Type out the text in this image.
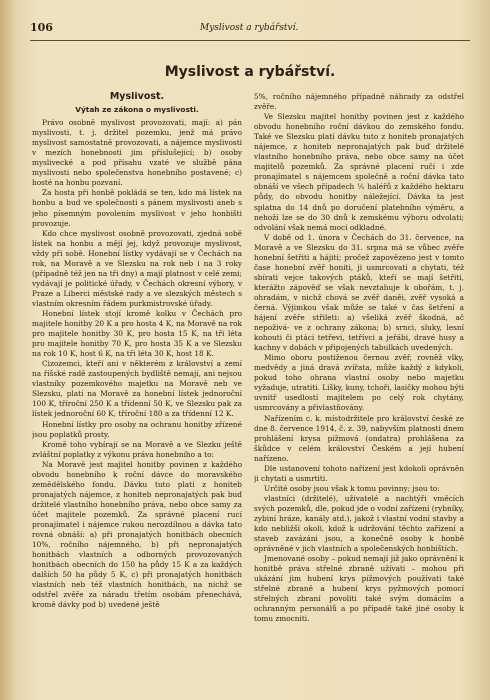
106	Myslivost a rybářství.
Myslivost a rybářství.
Myslivost.
Výtah ze zákona o myslivosti.

Právo osobně myslivost provozovati, mají: a) pán myslivosti, t. j. držitel pozemku, jenž má právo myslivost samostatně provozovati, a nájemce myslivosti v mezích honebnosti jim příslušející; b) osoby myslivecké a pod přísahu vzaté ve službě pána myslivosti nebo společenstva honebního postavené; c) hosté na honbu pozvaní.

Za hosta při honbě pokládá se ten, kdo má lístek na honbu a bud ve společnosti s pánem myslivosti aneb s jeho písemným povolením myslivost v jeho honbišti provozuje.

Kdo chce myslivost osobně provozovati, zjedná sobě lístek na honbu a mějí jej, když provozuje myslivost, vždy při sobě. Honební lístky vydávají se v Čechách na rok, na Moravě a ve Slezsku na rok neb i na 3 roky (případně též jen na tři dny) a mají platnost v celé zemi; vydávají je politické úřady, v Čechách okresní výbory, v Praze a Liberci městské rady a ve slezských městech s vlastním okresním řádem purkmistrovské úřady.

Honební lístek stojí kromě kolku v Čechách pro majitele honitby 20 K a pro hosta 4 K, na Moravě na rok pro majitele honitby 30 K, pro hosta 15 K, na tři léta pro majitele honitby 70 K, pro hosta 35 K a ve Slezsku na rok 10 K, host 6 K, na tři léta 30 K, host 18 K.

Cizozemci, kteří ani v některém z království a zemí na říšské radě zastoupených bydliště nemají, ani nejsou vlastníky pozemkového majetku na Moravě neb ve Slezsku, platí na Moravě za honební lístek jednoroční 100 K, tříroční 250 K a třídenní 50 K, ve Slezsku pak za lístek jednoroční 60 K, tříroční 180 a za třídenní 12 K.

Honební lístky pro osoby na ochranu honitby zřízené jsou poplatků prosty.

Kromě toho vybírají se na Moravě a ve Slezku ještě zvláštní poplatky z výkonu práva honebního a to:

Na Moravě jest majitel honitby povinen z každého obvodu honebního k roční dávce do moravského zemědělského fondu. Dávku tuto platí z honiteb pronajatých nájemce, z honiteb nepronajatých pak buď držitelé vlastního honebního práva, nebo obce samy za účet majitele pozemků. Za správné placení rucí pronajímatel i nájemce rukou nerozdílnou a dávka tato rovná obnáší: a) při pronajatých honitbách obecních 10%, ročního nájemného, b) při nepronajatých honitbách vlastních a odborných provozovaných honitbách obecních do 150 ha půdy 15 K a za každých dalších 50 ha půdy 5 K, c) při pronajatých honitbách vlastních neb též vlastních honitbách, na nichž se odstřel zvěře za náradu třetím osobám přenechává, kromě dávky pod b) uvedené ještě

5%, ročního nájemného případně náhrady za odstřel zvěře.

Ve Slezsku majitel honitby povinen jest z každého obvodu honebního roční dávkou do zemského fondu. Také ve Slezsku platí dávku tuto z honiteb pronajatých nájemce, z honiteb nepronajatých pak buď držitelé vlastního honebního práva, nebo obce samy na účet majitelů pozemků. Za správné placení ručí i zde pronajímatel s nájemcem společně a roční dávka tato obnáší ve všech případech ⅕ haléřů z každého hektaru půdy, do obvodu honitby náležející. Dávka ta jest splatna do 14 dnů po doručení platebního výměru, a nehoží lze se do 30 dnů k zemskému výboru odvolati; odvolání však nemá moci odkladné.

V době od 1. února v Čechách do 31. července, na Moravě a ve Slezsku do 31. srpna má se vůbec zvěře honební šetřiti a hájiti; pročež zapovězeno jest v tomto čase honební zvěř honiti, ji usmrcovati a chytati, též sbírati vejce takových ptáků, kteří se mají šetřiti, kterážto zápověď se však nevztahuje k obořám, t. j. ohradám, v nichž chová se zvěř daněi, zvěř vysoká a černá. Výjimkou však může se také v čas šetření a hájení zvěře střileti: a) všeliká zvěř škodná, ač nepoživá- ve z ochrany zákona; b) srnci, sluky, lesní kohouti či ptáci tetřevi, tetřívci a jeřábi, dravé husy a kachny v dobách v připojených tabulkách uvedených.

Mimo oboru postiženou černou zvěř, rovněž vlky, medvědy a jiná dravá zvířata, může každý z kdykoli, pokud toho ohrana vlastní osoby nebo majetku vyžaduje, utratiti. Lišky, kuny, tchoři, lasičky mohou býti uvnitř usedlostí majitelem po celý rok chytány, usmrcovány a přivlastňovány.

Nařízením c. k. místodržitele pro království české ze dne 8. července 1914, č. z. 39, nabyvším platnosti dnem prohlášení krysa pížmová (ondatra) prohlášena za škůdce v celém království Českém a její hubení nařízeno.

Dle ustanovení tohoto nařízení jest kdokoli oprávněn ji chytati a usmrtiti.

Určité osoby jsou však k tomu povinny; jsou to:

vlastníci (držitelé), uživatelé a nachtýři vměcích svých pozemků, dle, pokud jde o vodní zařízení (rybníky, zybiní hráze, kanály atd.), jakož i vlastní vodní stavby a kdo nebližší okoli, kdož k udržování těchto zařízení a staveb zavázáni jsou, a konečně osoby k honbě oprávněné v jich vlastních a společenských honbištích.

Jmenované osoby – pokud nemají již jako oprávnění k honitbě práva střelné zbraně užívati – mohou při ukázání jim hubení krys pížmových používati také střelné zbraně a hubení krys pyžmových pomocí střelných zbraní povoliti také svým domácím a ochranným personálů a po případě také jiné osoby k tomu zmocniti.
